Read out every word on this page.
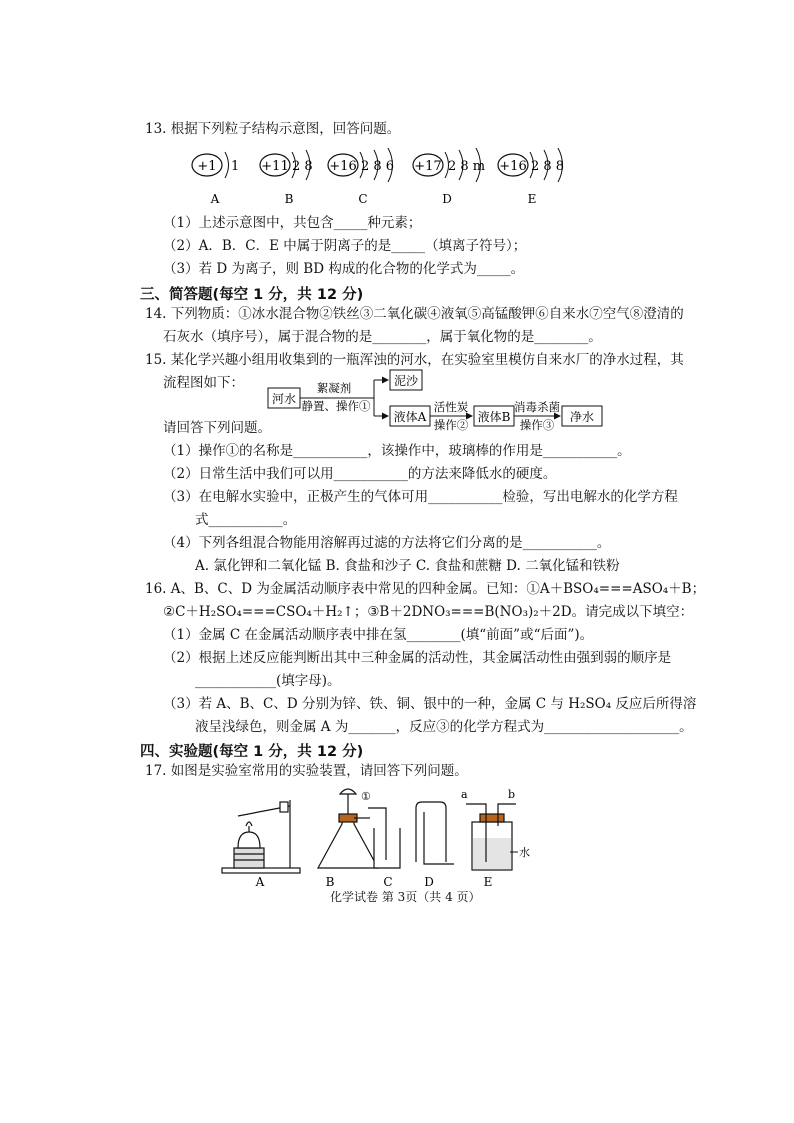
13. 根据下列粒子结构示意图，回答问题。
+1 1
A
+11 2 8
B
+16 2 8 6
C
+17 2 8 m
D
+16 2 8 8
E
（1）上述示意图中，共包含_____种元素；
（2）A．B．C．E 中属于阴离子的是_____（填离子符号）；
（3）若 D 为离子，则 BD 构成的化合物的化学式为_____。
三、简答题(每空 1 分，共 12 分)
14. 下列物质：①冰水混合物②铁丝③二氧化碳④液氧⑤高锰酸钾⑥自来水⑦空气⑧澄清的
石灰水（填序号），属于混合物的是________，属于氧化物的是________。
15. 某化学兴趣小组用收集到的一瓶浑浊的河水，在实验室里模仿自来水厂的净水过程，其
流程图如下：
河水
絮凝剂
静置、操作①
泥沙
液体A
活性炭
操作②
液体B
消毒杀菌
操作③
净水
请回答下列问题。
（1）操作①的名称是___________，该操作中，玻璃棒的作用是___________。
（2）日常生活中我们可以用___________的方法来降低水的硬度。
（3）在电解水实验中，正极产生的气体可用___________检验，写出电解水的化学方程
式___________。
（4）下列各组混合物能用溶解再过滤的方法将它们分离的是___________。
A. 氯化钾和二氧化锰 B. 食盐和沙子 C. 食盐和蔗糖 D. 二氧化锰和铁粉
16. A、B、C、D 为金属活动顺序表中常见的四种金属。已知：①A＋BSO₄===ASO₄＋B；
②C＋H₂SO₄===CSO₄＋H₂↑；③B＋2DNO₃===B(NO₃)₂＋2D。请完成以下填空：
（1）金属 C 在金属活动顺序表中排在氢________(填“前面”或“后面”)。
（2）根据上述反应能判断出其中三种金属的活动性，其金属活动性由强到弱的顺序是
____________(填字母)。
（3）若 A、B、C、D 分别为锌、铁、铜、银中的一种，金属 C 与 H₂SO₄ 反应后所得溶
液呈浅绿色，则金属 A 为_______，反应③的化学方程式为____________________。
四、实验题(每空 1 分，共 12 分)
17. 如图是实验室常用的实验装置，请回答下列问题。
A
①
B	C	D
a	b
水
E
化学试卷 第 3页（共 4 页）
